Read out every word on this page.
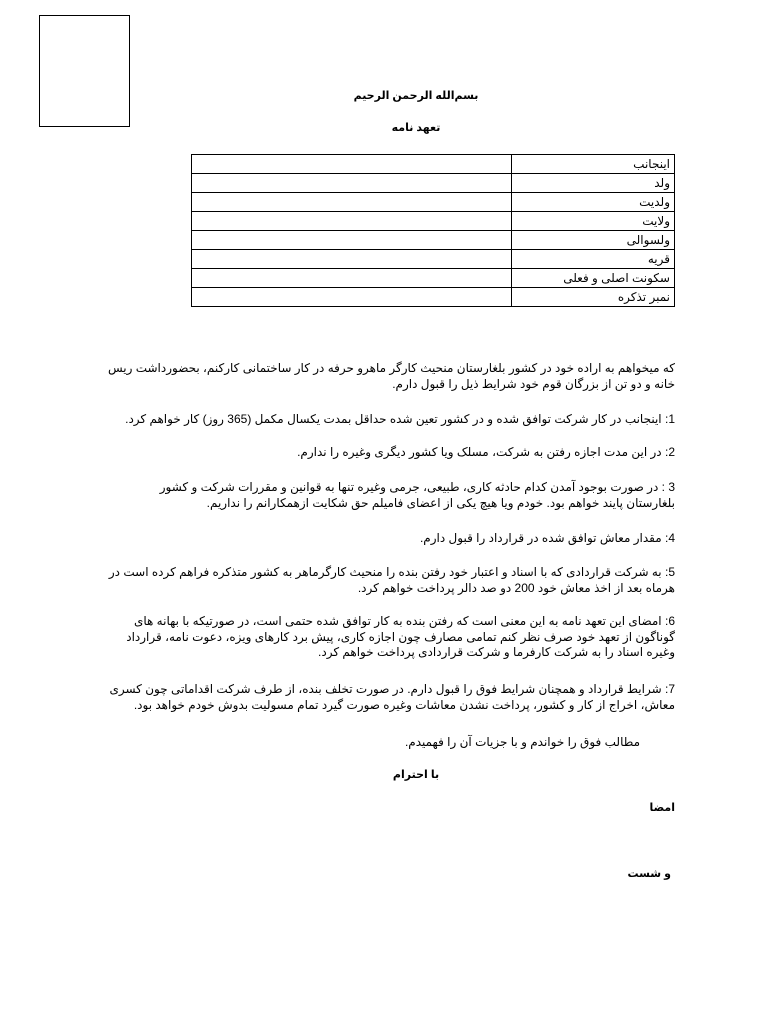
بسم‌الله الرحمن الرحیم
تعهد نامه
اینجانب	
ولد	
ولدیت	
ولایت	
ولسوالی	
قریه	
سکونت اصلی و فعلی	
نمبر تذکره	
که میخواهم به اراده خود در کشور بلغارستان منحیث کارگر ماهرو حرفه در کار ساختمانی کارکنم، بحضورداشت ریس خانه و دو تن از بزرگان قوم خود شرایط ذیل را قبول دارم.
1: اینجانب در کار شرکت توافق شده و در کشور تعین شده حداقل بمدت یکسال مکمل (365 روز) کار خواهم کرد.
2: در این مدت اجازه رفتن به شرکت، مسلک ویا کشور دیگری وغیره را ندارم.
3 : در صورت بوجود آمدن کدام حادثه کاری، طبیعی، جرمی وغیره تنها به قوانین و مقررات شرکت و کشور بلغارستان پایند خواهم بود. خودم ویا هیچ یکی از اعضای فامیلم حق شکایت ازهمکارانم را نداریم.
4: مقدار معاش توافق شده در قرارداد را قبول دارم.
5: به شرکت قراردادی که با اسناد و اعتبار خود رفتن بنده را منحیث کارگرماهر به کشور متذکره فراهم کرده است در هرماه بعد از اخذ معاش خود 200 دو صد دالر پرداخت خواهم کرد.
6: امضای این تعهد نامه به این معنی است که رفتن بنده به کار توافق شده حتمی است، در صورتیکه با بهانه های گوناگون از تعهد خود صرف نظر کنم تمامی مصارف چون اجازه کاری، پیش برد کارهای ویزه، دعوت نامه، قرارداد وغیره اسناد را به شرکت کارفرما و شرکت قراردادی پرداخت خواهم کرد.
7: شرایط قرارداد و همچنان شرایط فوق را قبول دارم. در صورت تخلف بنده، از طرف شرکت اقداماتی چون کسری معاش، اخراج از کار و کشور، پرداخت نشدن معاشات وغیره صورت گیرد تمام مسولیت بدوش خودم خواهد بود.
مطالب فوق را خواندم و با جزیات آن را فهمیدم.
با احترام
امضا
و شست
